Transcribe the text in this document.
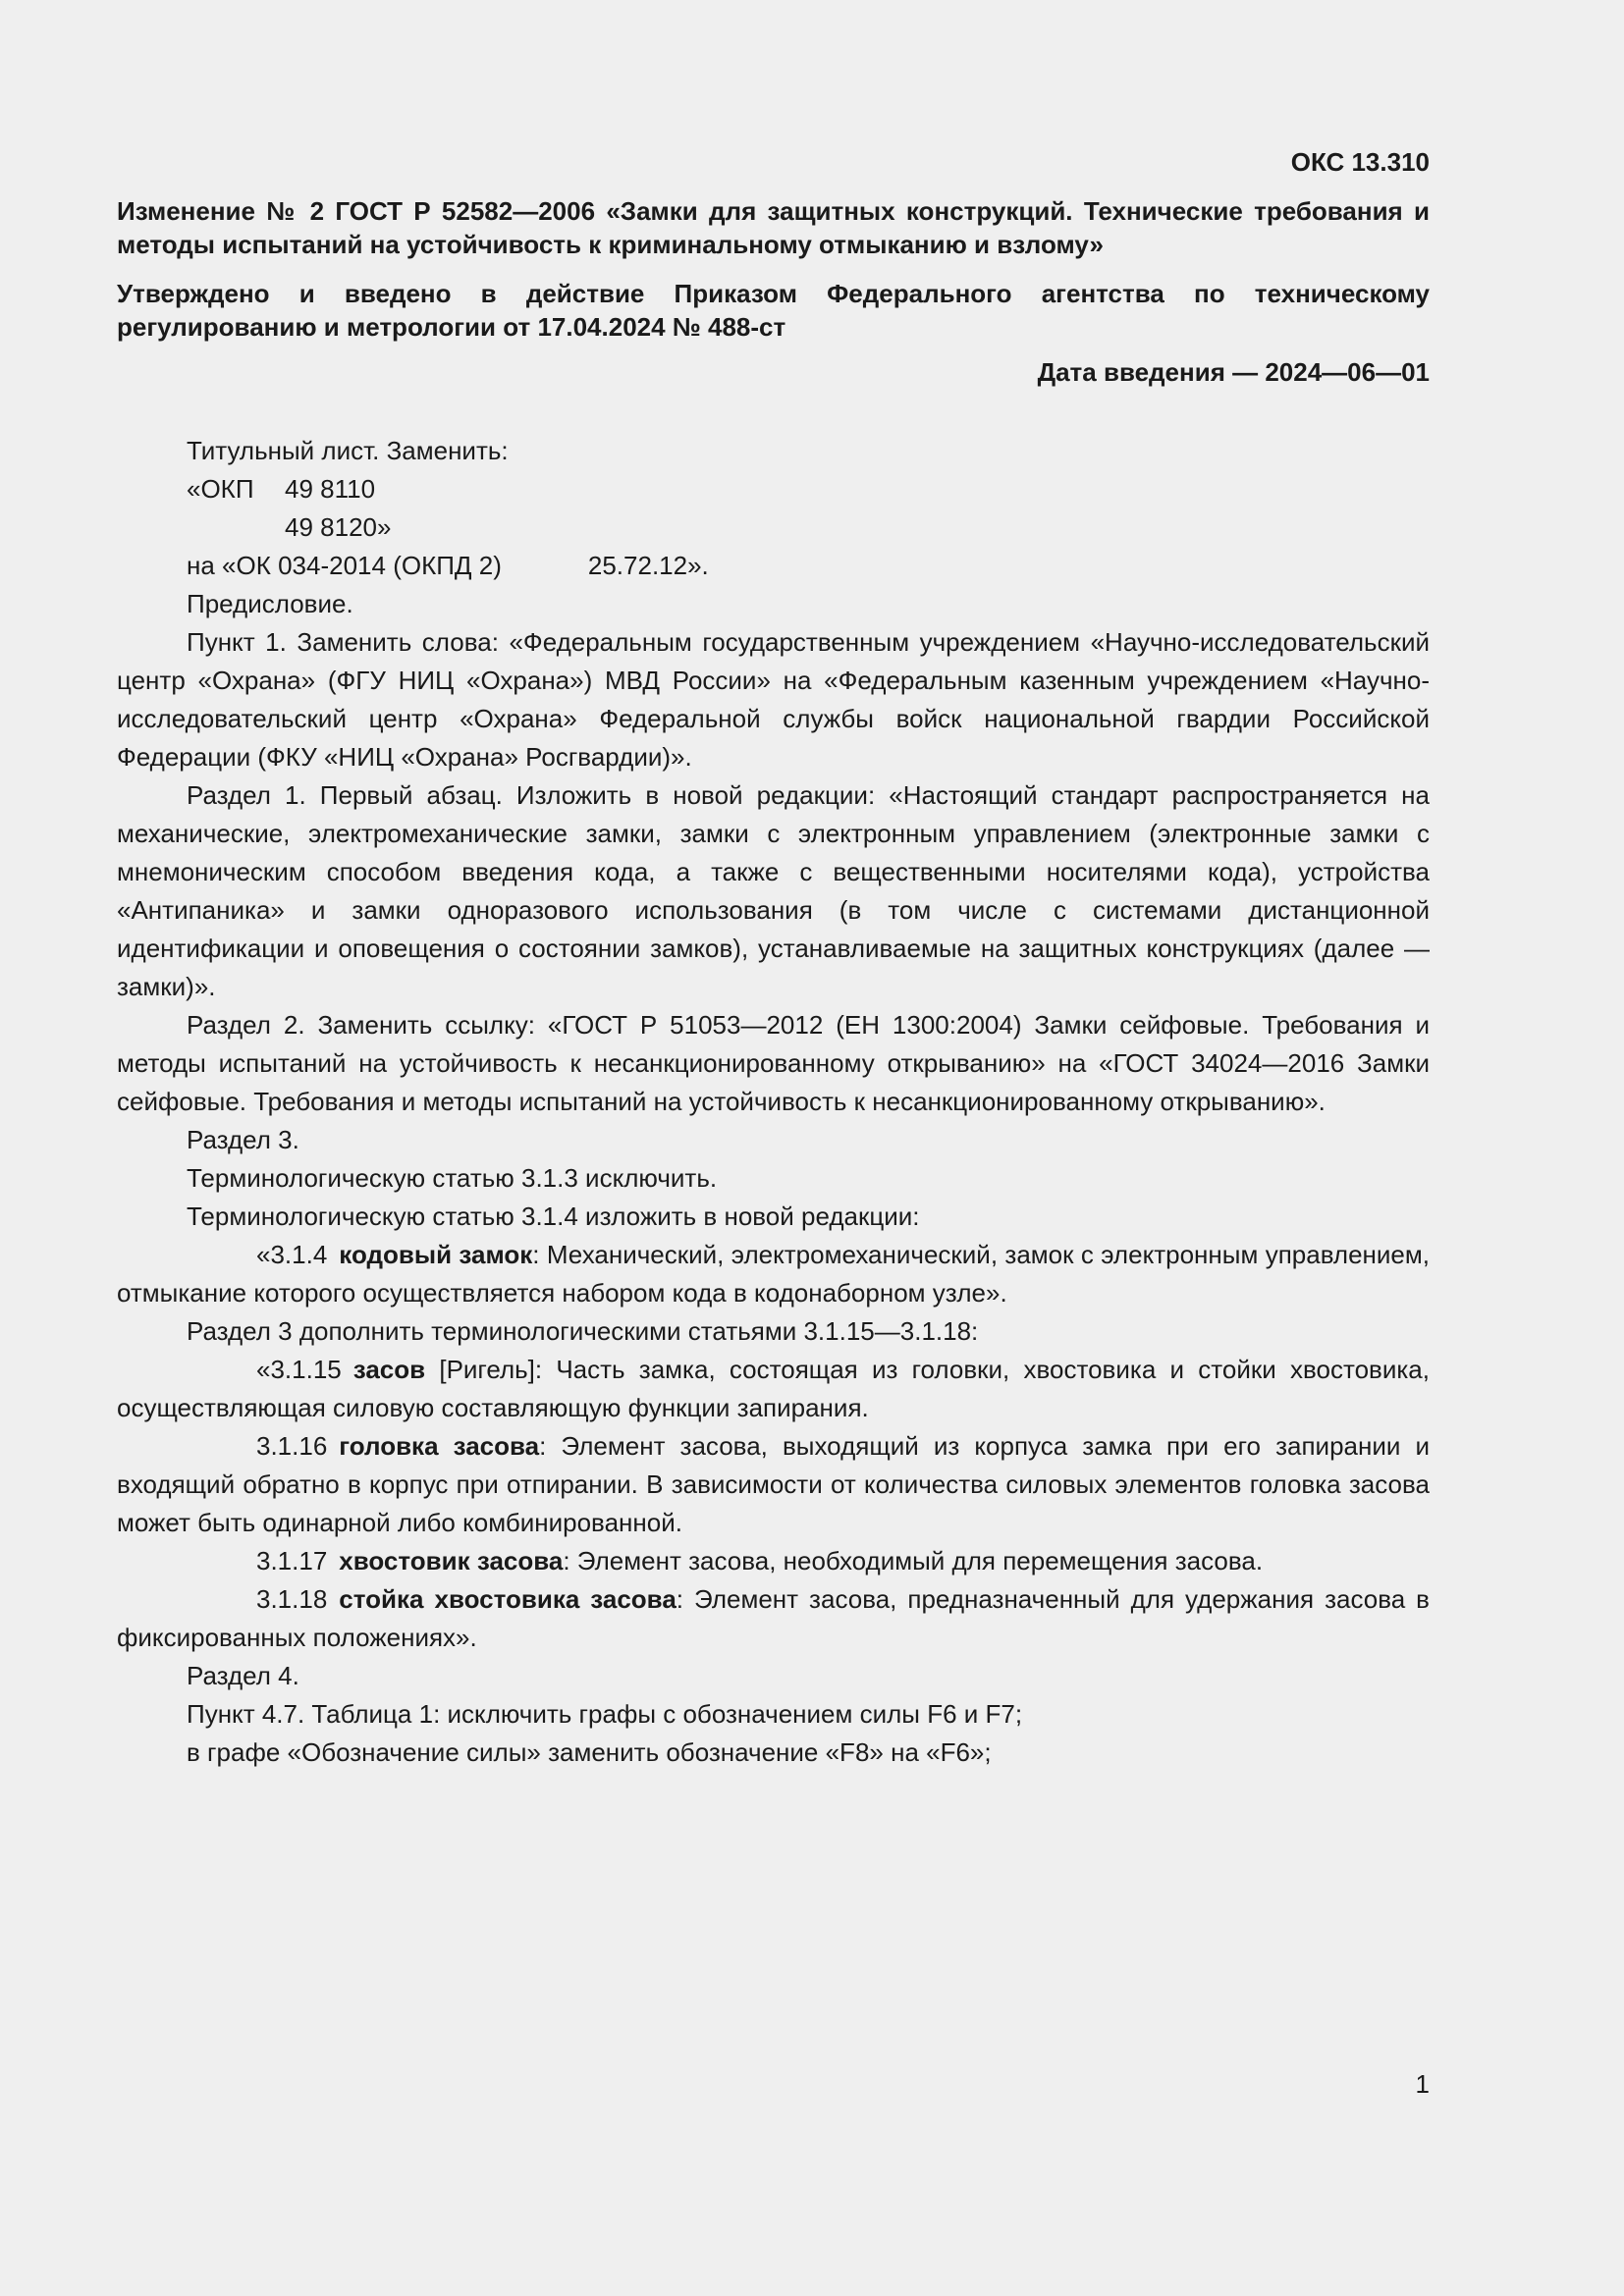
ОКС 13.310
Изменение № 2 ГОСТ Р 52582—2006 «Замки для защитных конструкций. Технические требования и методы испытаний на устойчивость к криминальному отмыканию и взлому»
Утверждено и введено в действие Приказом Федерального агентства по техническому регулированию и метрологии от 17.04.2024 № 488-ст
Дата введения — 2024—06—01

Титульный лист. Заменить:

«ОКП 49 8110

49 8120»

на «ОК 034-2014 (ОКПД 2)	25.72.12».

Предисловие.

Пункт 1. Заменить слова: «Федеральным государственным учреждением «Научно-исследовательский центр «Охрана» (ФГУ НИЦ «Охрана») МВД России» на «Федеральным казенным учреждением «Научно-исследовательский центр «Охрана» Федеральной службы войск национальной гвардии Российской Федерации (ФКУ «НИЦ «Охрана» Росгвардии)».

Раздел 1. Первый абзац. Изложить в новой редакции: «Настоящий стандарт распространяется на механические, электромеханические замки, замки с электронным управлением (электронные замки с мнемоническим способом введения кода, а также с вещественными носителями кода), устройства «Антипаника» и замки одноразового использования (в том числе с системами дистанционной идентификации и оповещения о состоянии замков), устанавливаемые на защитных конструкциях (далее — замки)».

Раздел 2. Заменить ссылку: «ГОСТ Р 51053—2012 (ЕН 1300:2004) Замки сейфовые. Требования и методы испытаний на устойчивость к несанкционированному открыванию» на «ГОСТ 34024—2016 Замки сейфовые. Требования и методы испытаний на устойчивость к несанкционированному открыванию».

Раздел 3.

Терминологическую статью 3.1.3 исключить.

Терминологическую статью 3.1.4 изложить в новой редакции:

«3.1.4 кодовый замок: Механический, электромеханический, замок с электронным управлением, отмыкание которого осуществляется набором кода в кодонаборном узле».

Раздел 3 дополнить терминологическими статьями 3.1.15—3.1.18:

«3.1.15 засов [Ригель]: Часть замка, состоящая из головки, хвостовика и стойки хвостовика, осуществляющая силовую составляющую функции запирания.

3.1.16 головка засова: Элемент засова, выходящий из корпуса замка при его запирании и входящий обратно в корпус при отпирании. В зависимости от количества силовых элементов головка засова может быть одинарной либо комбинированной.

3.1.17 хвостовик засова: Элемент засова, необходимый для перемещения засова.

3.1.18 стойка хвостовика засова: Элемент засова, предназначенный для удержания засова в фиксированных положениях».

Раздел 4.

Пункт 4.7. Таблица 1: исключить графы с обозначением силы F6 и F7;

в графе «Обозначение силы» заменить обозначение «F8» на «F6»;

1
